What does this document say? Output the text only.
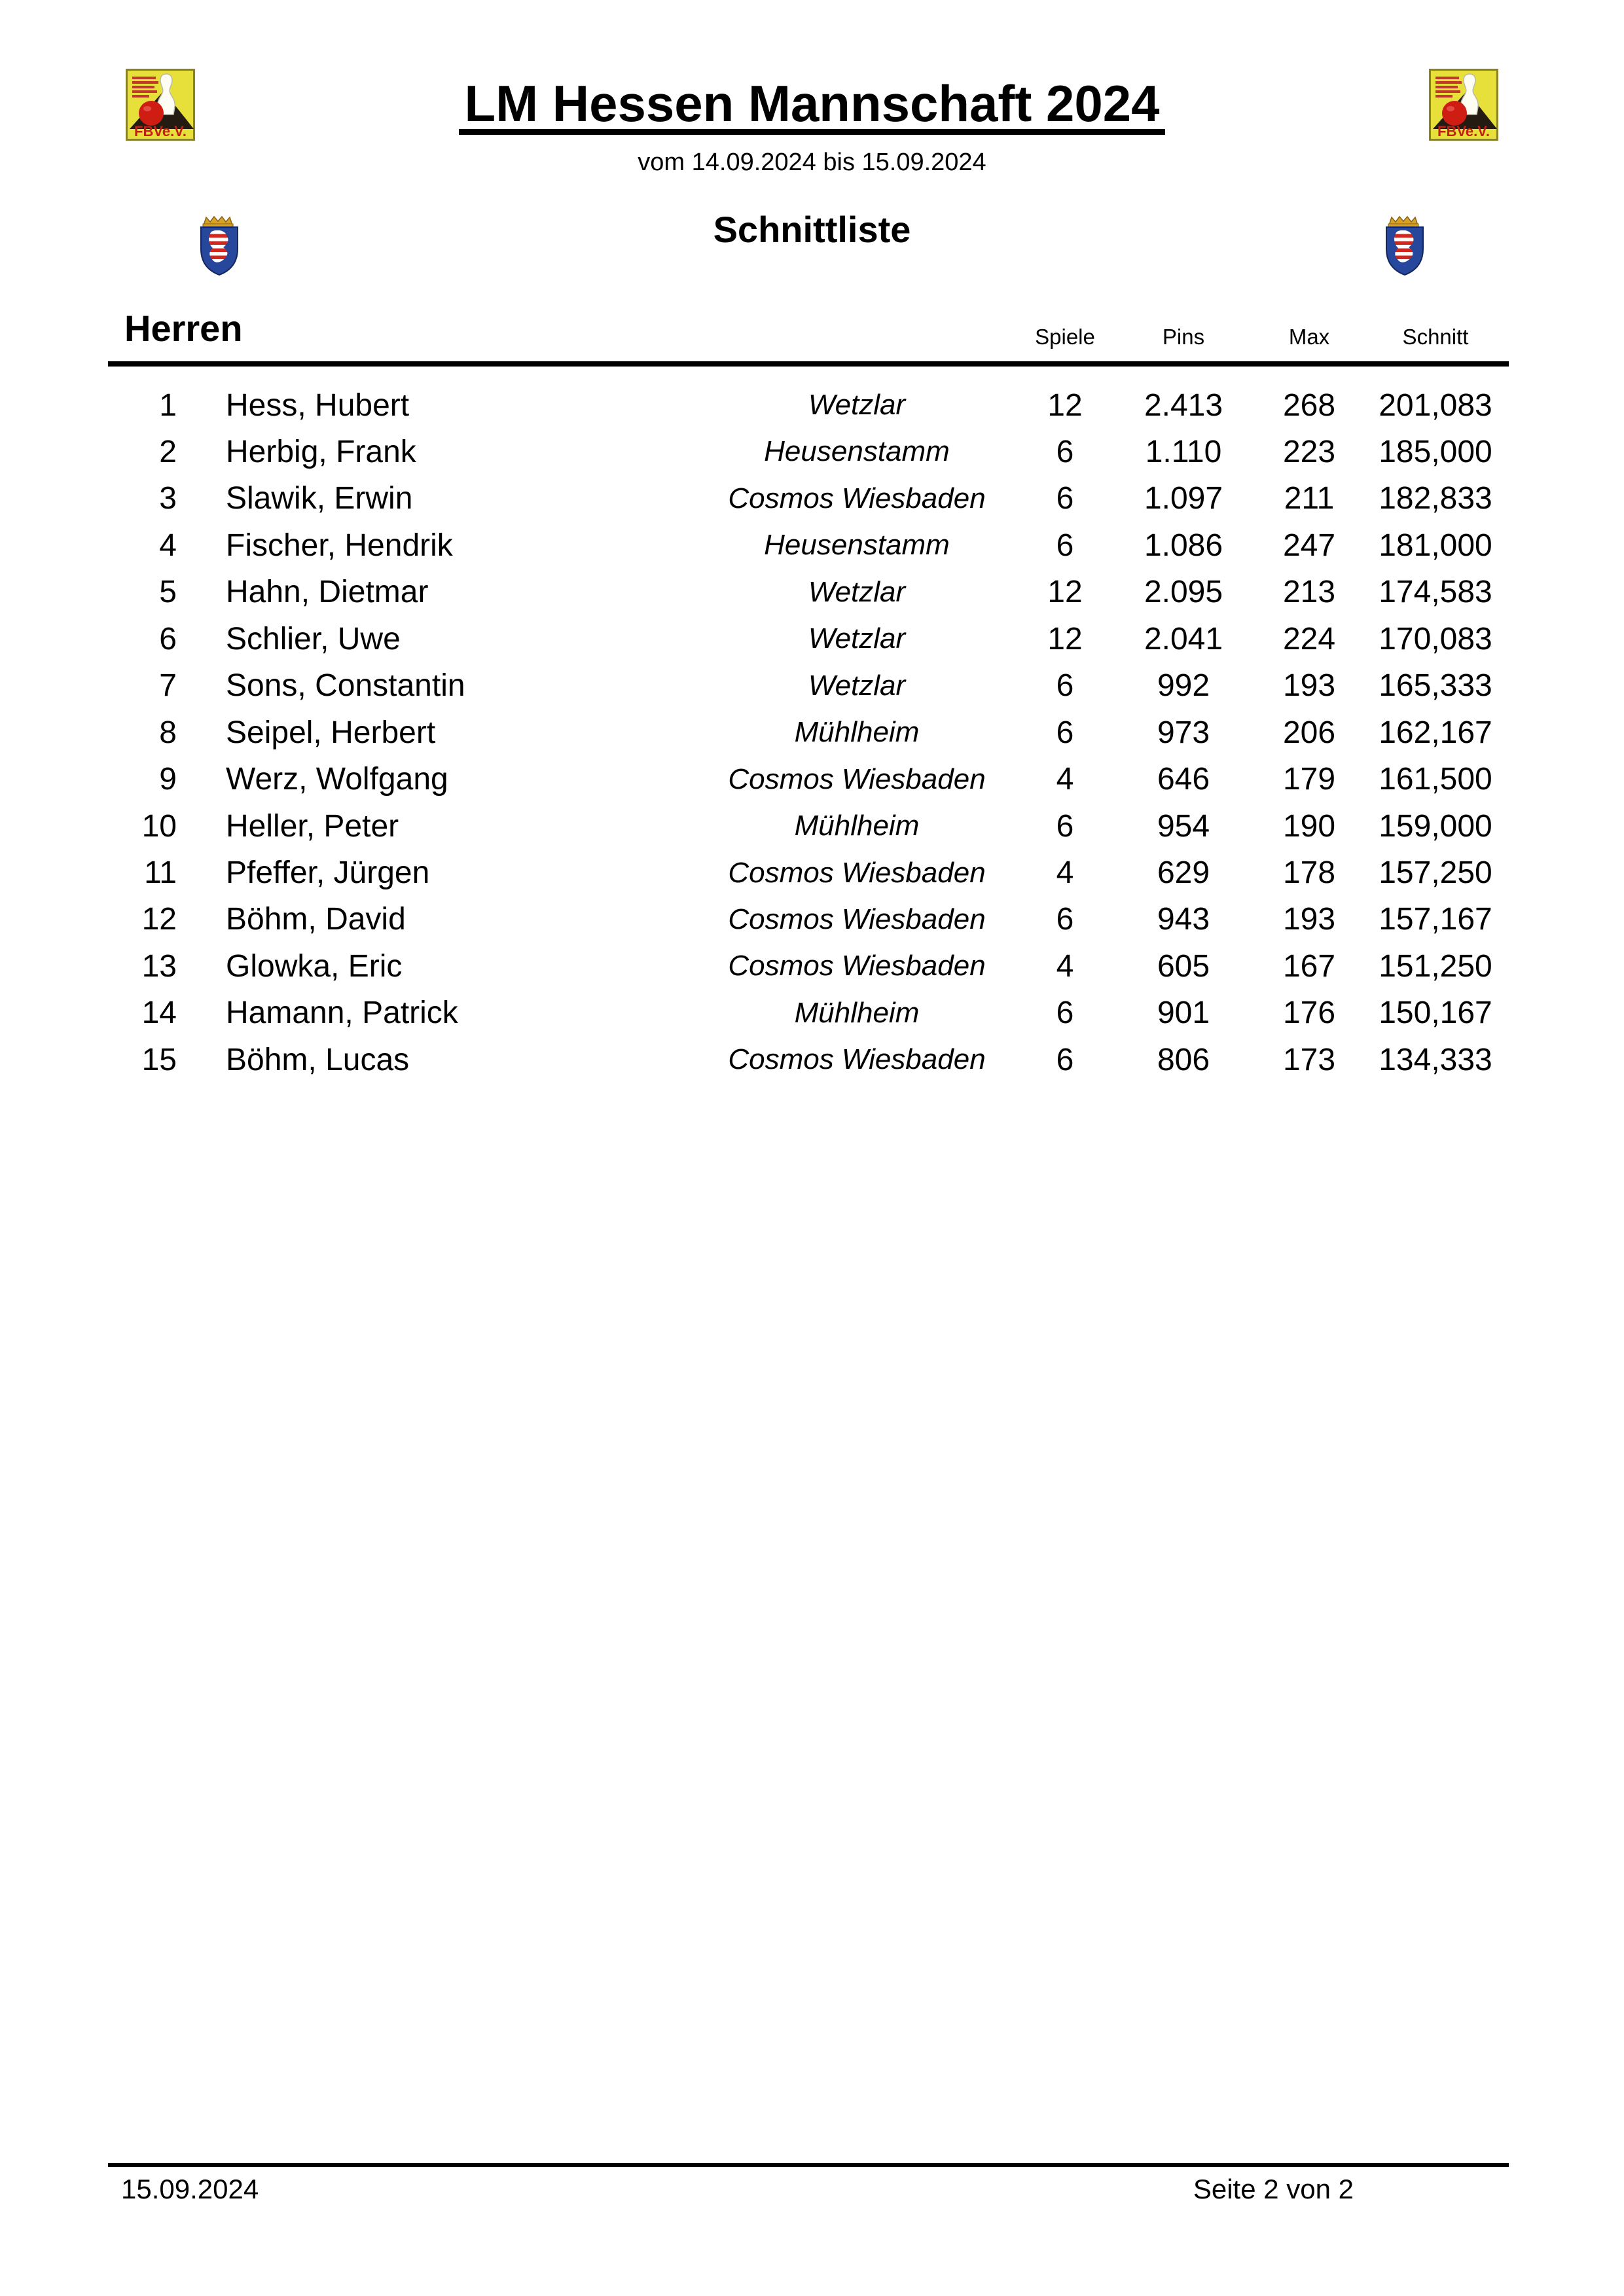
LM Hessen Mannschaft 2024
vom 14.09.2024 bis 15.09.2024
Schnittliste
Herren	Spiele	Pins	Max	Schnitt
1 Hess, Hubert	Wetzlar	12	2.413	268	201,083
2 Herbig, Frank	Heusenstamm	6	1.110	223	185,000
3 Slawik, Erwin	Cosmos Wiesbaden	6	1.097	211	182,833
4 Fischer, Hendrik	Heusenstamm	6	1.086	247	181,000
5 Hahn, Dietmar	Wetzlar	12	2.095	213	174,583
6 Schlier, Uwe	Wetzlar	12	2.041	224	170,083
7 Sons, Constantin	Wetzlar	6	992	193	165,333
8 Seipel, Herbert	Mühlheim	6	973	206	162,167
9 Werz, Wolfgang	Cosmos Wiesbaden	4	646	179	161,500
10 Heller, Peter	Mühlheim	6	954	190	159,000
11 Pfeffer, Jürgen	Cosmos Wiesbaden	4	629	178	157,250
12 Böhm, David	Cosmos Wiesbaden	6	943	193	157,167
13 Glowka, Eric	Cosmos Wiesbaden	4	605	167	151,250
14 Hamann, Patrick	Mühlheim	6	901	176	150,167
15 Böhm, Lucas	Cosmos Wiesbaden	6	806	173	134,333
15.09.2024	Seite 2 von 2
